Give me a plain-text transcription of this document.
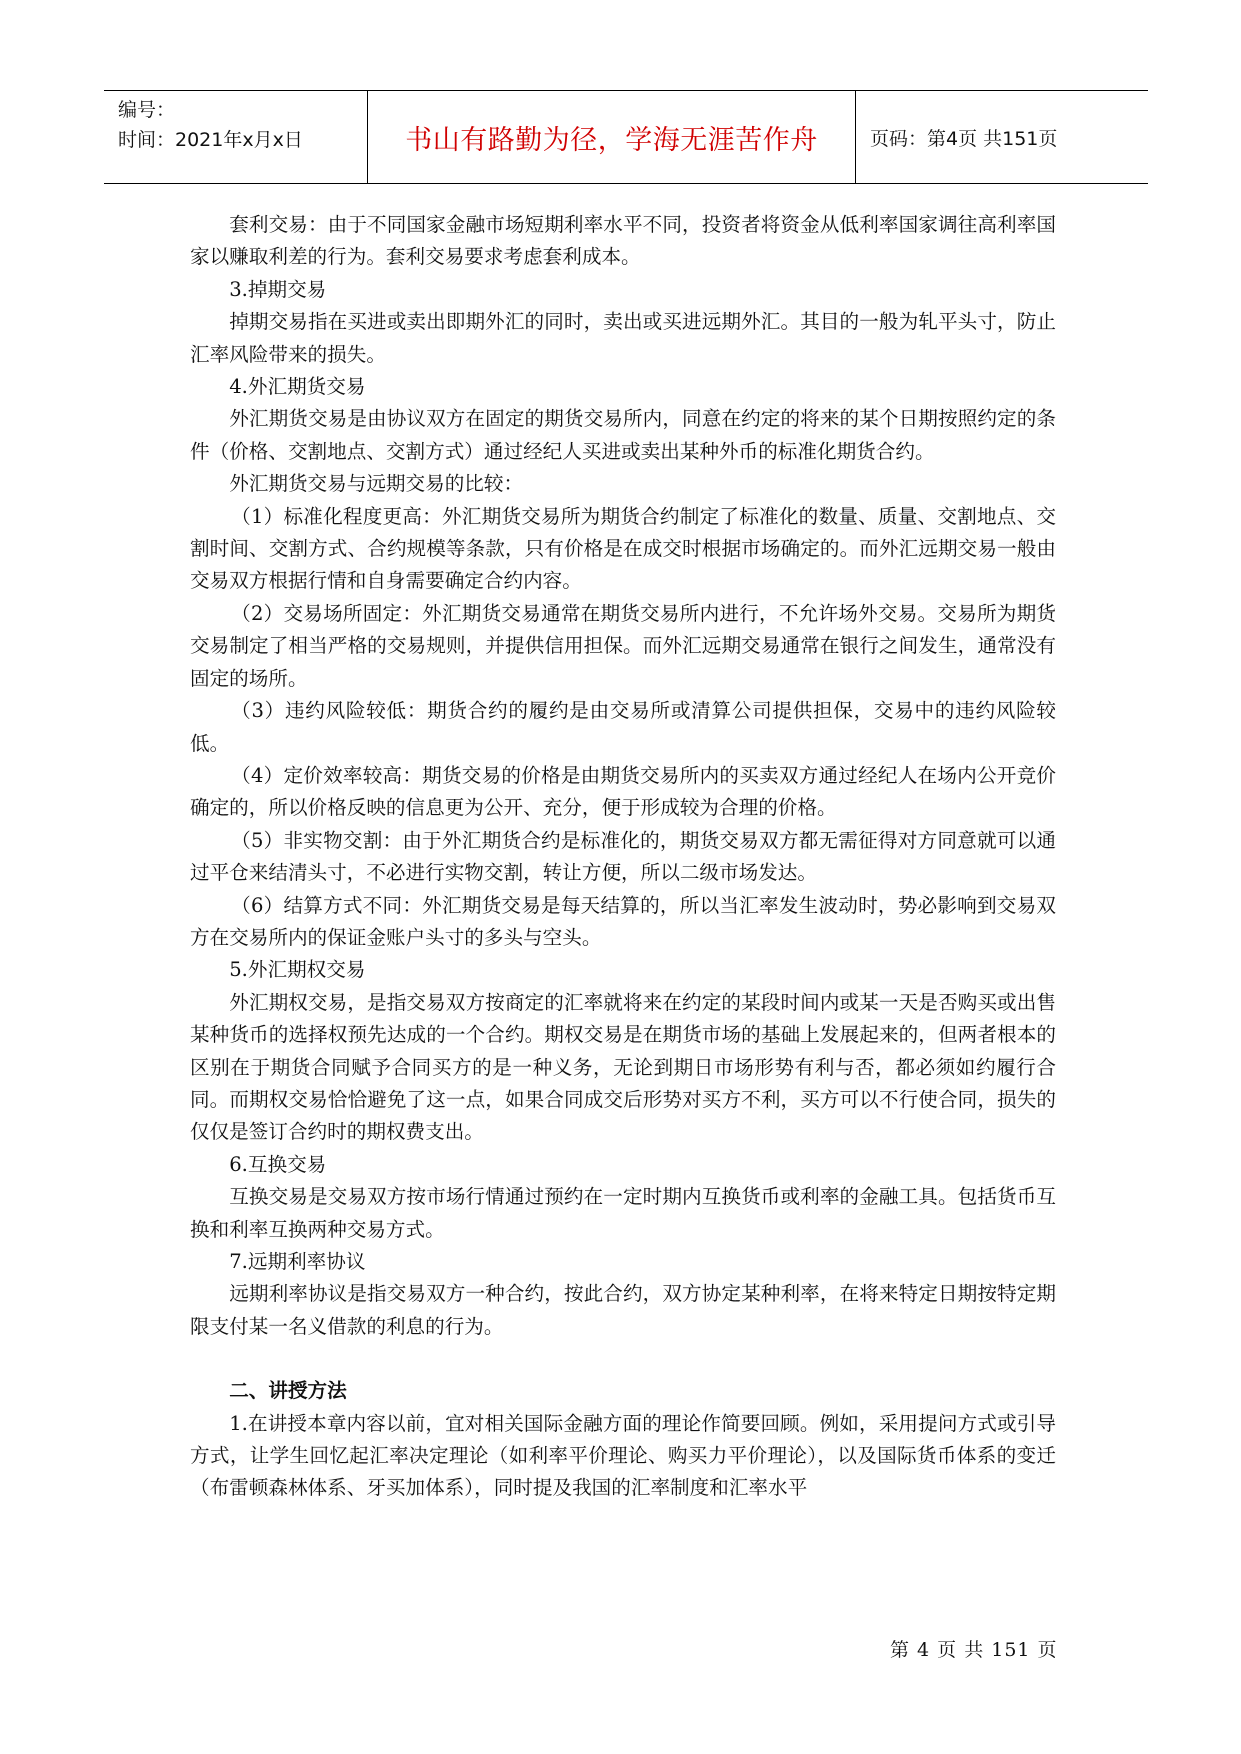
编号：
时间：2021年x月x日	书山有路勤为径，学海无涯苦作舟	页码：第4页 共151页

套利交易：由于不同国家金融市场短期利率水平不同，投资者将资金从低利率国家调往高利率国家以赚取利差的行为。套利交易要求考虑套利成本。

3.掉期交易

掉期交易指在买进或卖出即期外汇的同时，卖出或买进远期外汇。其目的一般为轧平头寸，防止汇率风险带来的损失。

4.外汇期货交易

外汇期货交易是由协议双方在固定的期货交易所内，同意在约定的将来的某个日期按照约定的条件（价格、交割地点、交割方式）通过经纪人买进或卖出某种外币的标准化期货合约。

外汇期货交易与远期交易的比较：

（1）标准化程度更高：外汇期货交易所为期货合约制定了标准化的数量、质量、交割地点、交割时间、交割方式、合约规模等条款，只有价格是在成交时根据市场确定的。而外汇远期交易一般由交易双方根据行情和自身需要确定合约内容。

（2）交易场所固定：外汇期货交易通常在期货交易所内进行，不允许场外交易。交易所为期货交易制定了相当严格的交易规则，并提供信用担保。而外汇远期交易通常在银行之间发生，通常没有固定的场所。

（3）违约风险较低：期货合约的履约是由交易所或清算公司提供担保，交易中的违约风险较低。

（4）定价效率较高：期货交易的价格是由期货交易所内的买卖双方通过经纪人在场内公开竞价确定的，所以价格反映的信息更为公开、充分，便于形成较为合理的价格。

（5）非实物交割：由于外汇期货合约是标准化的，期货交易双方都无需征得对方同意就可以通过平仓来结清头寸，不必进行实物交割，转让方便，所以二级市场发达。

（6）结算方式不同：外汇期货交易是每天结算的，所以当汇率发生波动时，势必影响到交易双方在交易所内的保证金账户头寸的多头与空头。

5.外汇期权交易

外汇期权交易，是指交易双方按商定的汇率就将来在约定的某段时间内或某一天是否购买或出售某种货币的选择权预先达成的一个合约。期权交易是在期货市场的基础上发展起来的，但两者根本的区别在于期货合同赋予合同买方的是一种义务，无论到期日市场形势有利与否，都必须如约履行合同。而期权交易恰恰避免了这一点，如果合同成交后形势对买方不利，买方可以不行使合同，损失的仅仅是签订合约时的期权费支出。

6.互换交易

互换交易是交易双方按市场行情通过预约在一定时期内互换货币或利率的金融工具。包括货币互换和利率互换两种交易方式。

7.远期利率协议

远期利率协议是指交易双方一种合约，按此合约，双方协定某种利率，在将来特定日期按特定期限支付某一名义借款的利息的行为。

二、讲授方法

1.在讲授本章内容以前，宜对相关国际金融方面的理论作简要回顾。例如，采用提问方式或引导方式，让学生回忆起汇率决定理论（如利率平价理论、购买力平价理论），以及国际货币体系的变迁（布雷顿森林体系、牙买加体系），同时提及我国的汇率制度和汇率水平

第 4 页 共 151 页
